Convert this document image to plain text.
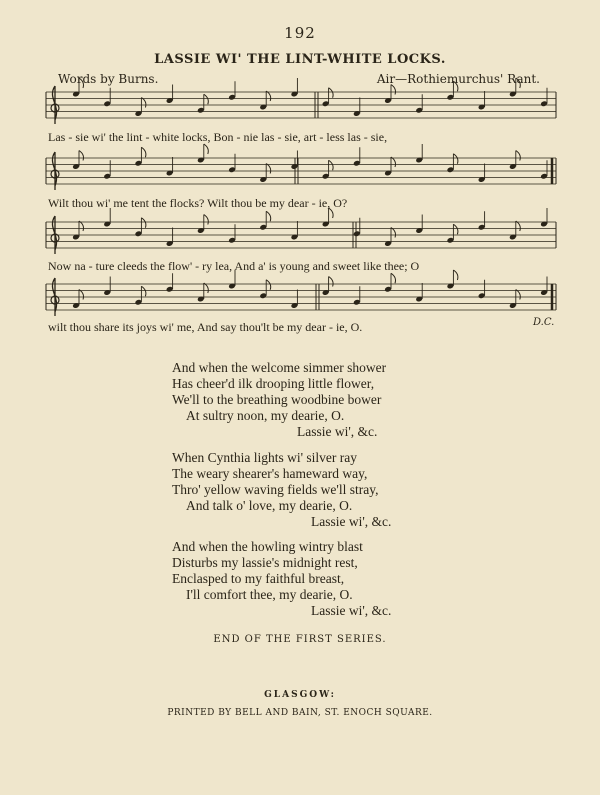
192
LASSIE WI' THE LINT-WHITE LOCKS.
Words by Burns.	Air—Rothiemurchus' Rant.
Las - sie wi' the lint - white locks, Bon - nie las - sie, art - less las - sie,
Wilt thou wi' me tent the flocks? Wilt thou be my dear - ie, O?
Now na - ture cleeds the flow' - ry lea, And a' is young and sweet like thee; O
wilt thou share its joys wi' me, And say thou'lt be my dear - ie, O.	D.C.
And when the welcome simmer shower
Has cheer'd ilk drooping little flower,
We'll to the breathing woodbine bower
At sultry noon, my dearie, O.
Lassie wi', &c.
When Cynthia lights wi' silver ray
The weary shearer's hameward way,
Thro' yellow waving fields we'll stray,
And talk o' love, my dearie, O.
Lassie wi', &c.
And when the howling wintry blast
Disturbs my lassie's midnight rest,
Enclasped to my faithful breast,
I'll comfort thee, my dearie, O.
Lassie wi', &c.
END OF THE FIRST SERIES.
GLASGOW:
PRINTED BY BELL AND BAIN, ST. ENOCH SQUARE.
